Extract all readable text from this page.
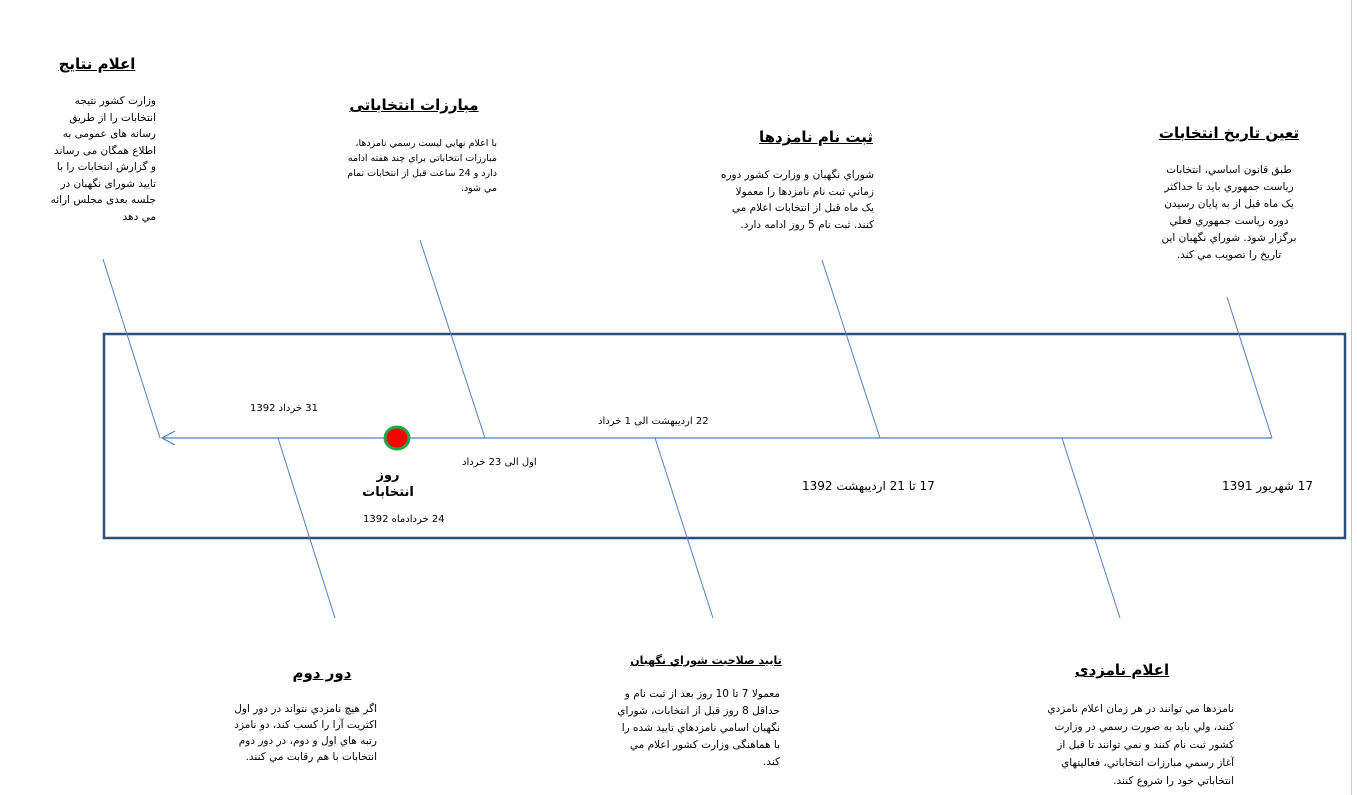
اعلام نتایج
وزارت کشور نتیجه
انتخابات را از طریق
رسانه های عمومی به
اطلاع همگان می رساند
و گزارش انتخابات را با
تایید شورای نگهبان در
جلسه بعدی مجلس ارائه
مي دهد
مبارزات انتخاباتی
با اعلام نهايي ليست رسمي نامزدها،
مبارزات انتخاباتي براي چند هفته ادامه
دارد و 24 ساعت قبل از انتخابات تمام
مي شود.
ثبت نام نامزدها
شوراي نگهبان و وزارت كشور دوره
زماني ثبت نام نامزدها را معمولا
يک ماه قبل از انتخابات اعلام مي
كنند. ثبت نام 5 روز ادامه دارد.
تعین تاریخ انتخابات
طبق قانون اساسي، انتخابات
رياست جمهوري بايد تا حداكثر
يک ماه قبل از به پايان رسيدن
دوره رياست جمهوري فعلي
برگزار شود. شوراي نگهبان اين
تاريخ را تصويب مي كند.
دور دوم
اگر هيچ نامزدي نتواند در دور اول
اكثريت آرا را كسب كند، دو نامزد
رتبه هاي اول و دوم، در دور دوم
انتخابات با هم رقابت مي كنند.
تاييد صلاحيت شوراي نگهبان
معمولا 7 تا 10 روز بعد از ثبت نام و
حداقل 8 روز قبل از انتخابات، شوراي
نگهبان اسامي نامزدهاي تاييد شده را
با هماهنگی وزارت كشور اعلام مي
كند.
اعلام نامزدی
نامزدها مي توانند در هر زمان اعلام نامزدي
كنند، ولي بايد به صورت رسمي در وزارت
كشور ثبت نام كنند و نمي توانند تا قبل از
آغاز رسمي مبارزات انتخاباتي، فعاليتهاي
انتخاباتي خود را شروع كنند.
31 خرداد 1392
22 اردیبهشت الی 1 خرداد
اول الی 23 خرداد
روز
انتخابات
24 خردادماه 1392
17 تا 21 اردیبهشت 1392	17 شهریور 1391
